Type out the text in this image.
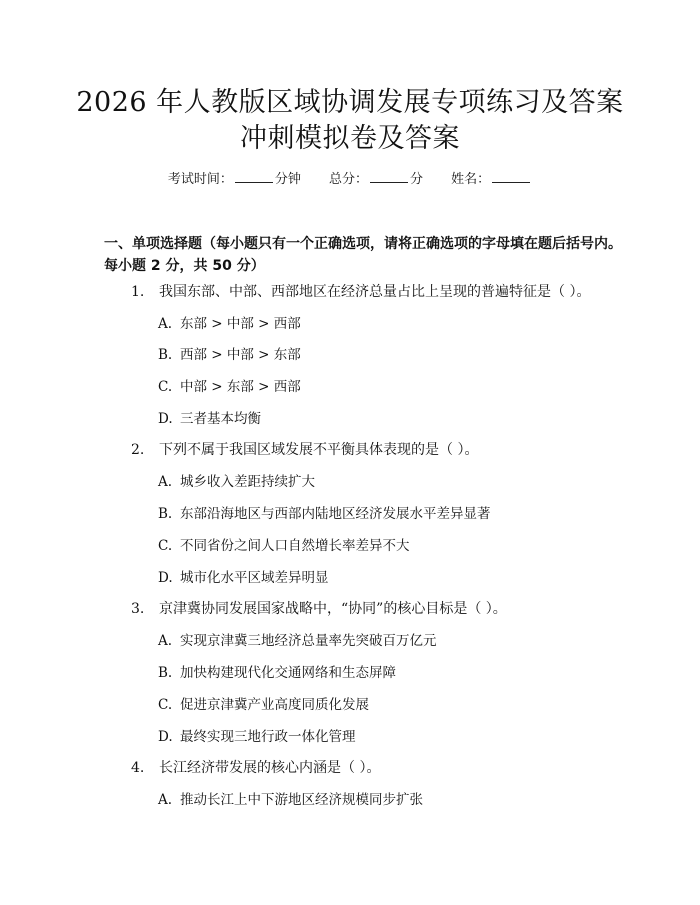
2026 年人教版区域协调发展专项练习及答案
冲刺模拟卷及答案
考试时间：	分钟 总分：	分 姓名：
一、单项选择题（每小题只有一个正确选项，请将正确选项的字母填在题后括号内。每小题 2 分，共 50 分）
1. 我国东部、中部、西部地区在经济总量占比上呈现的普遍特征是（ ）。
A. 东部 > 中部 > 西部
B. 西部 > 中部 > 东部
C. 中部 > 东部 > 西部
D. 三者基本均衡
2. 下列不属于我国区域发展不平衡具体表现的是（ ）。
A. 城乡收入差距持续扩大
B. 东部沿海地区与西部内陆地区经济发展水平差异显著
C. 不同省份之间人口自然增长率差异不大
D. 城市化水平区域差异明显
3. 京津冀协同发展国家战略中，“协同”的核心目标是（ ）。
A. 实现京津冀三地经济总量率先突破百万亿元
B. 加快构建现代化交通网络和生态屏障
C. 促进京津冀产业高度同质化发展
D. 最终实现三地行政一体化管理
4. 长江经济带发展的核心内涵是（ ）。
A. 推动长江上中下游地区经济规模同步扩张
